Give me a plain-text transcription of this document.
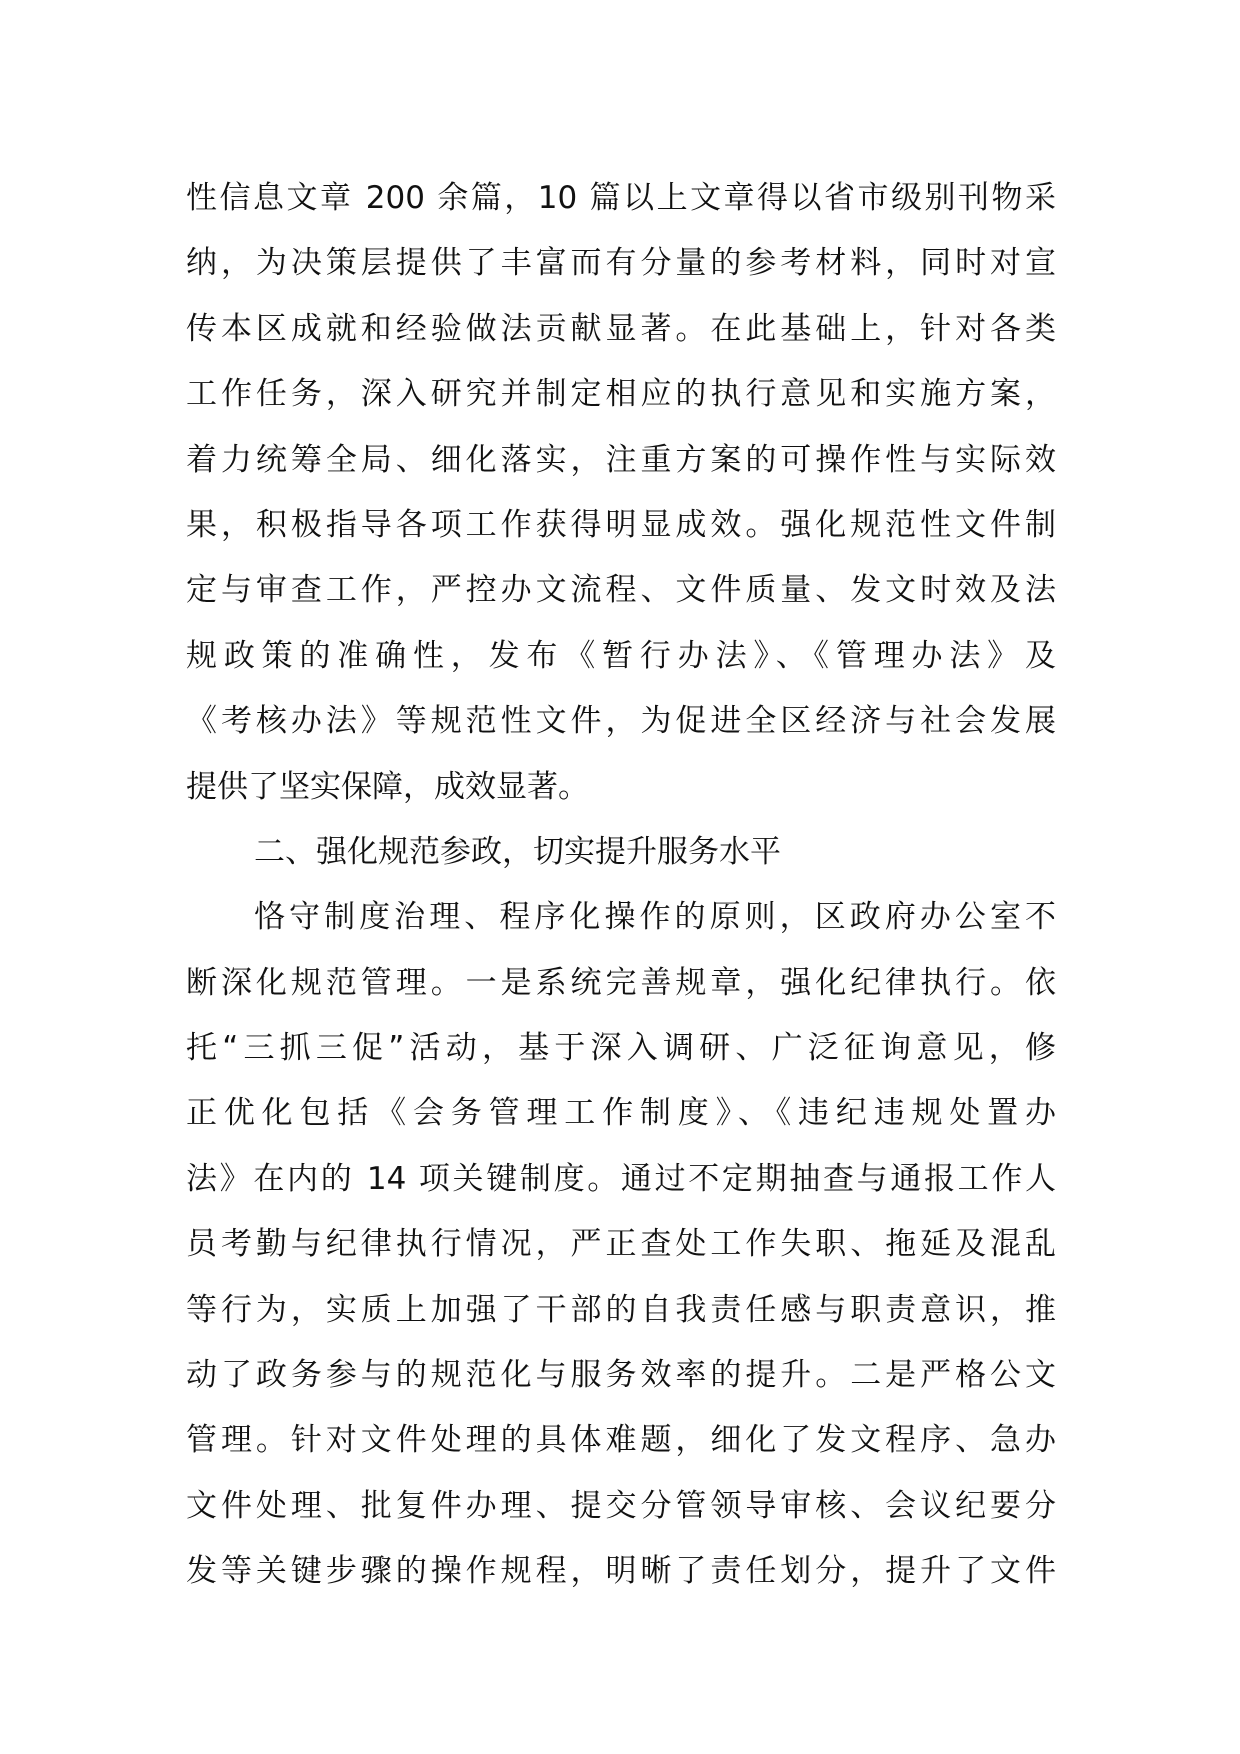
性信息文章 200 余篇，10 篇以上文章得以省市级别刊物采
纳，为决策层提供了丰富而有分量的参考材料，同时对宣
传本区成就和经验做法贡献显著。在此基础上，针对各类
工作任务，深入研究并制定相应的执行意见和实施方案，
着力统筹全局、细化落实，注重方案的可操作性与实际效
果，积极指导各项工作获得明显成效。强化规范性文件制
定与审查工作，严控办文流程、文件质量、发文时效及法
规政策的准确性，发布《暂行办法》、《管理办法》及
《考核办法》等规范性文件，为促进全区经济与社会发展
提供了坚实保障，成效显著。
二、强化规范参政，切实提升服务水平
恪守制度治理、程序化操作的原则，区政府办公室不
断深化规范管理。一是系统完善规章，强化纪律执行。依
托“三抓三促”活动，基于深入调研、广泛征询意见，修
正优化包括《会务管理工作制度》、《违纪违规处置办
法》在内的 14 项关键制度。通过不定期抽查与通报工作人
员考勤与纪律执行情况，严正查处工作失职、拖延及混乱
等行为，实质上加强了干部的自我责任感与职责意识，推
动了政务参与的规范化与服务效率的提升。二是严格公文
管理。针对文件处理的具体难题，细化了发文程序、急办
文件处理、批复件办理、提交分管领导审核、会议纪要分
发等关键步骤的操作规程，明晰了责任划分，提升了文件
